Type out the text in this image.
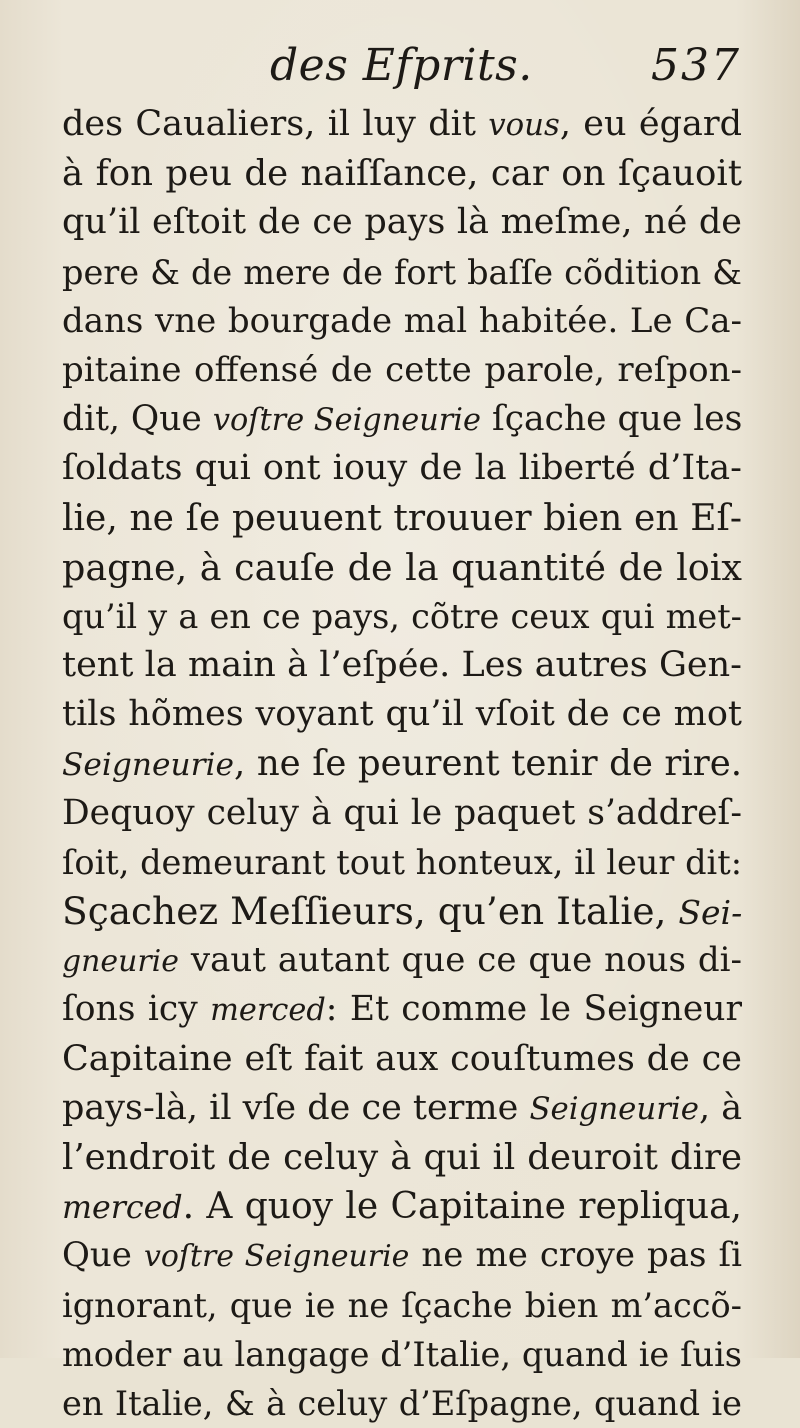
des Efprits.	537
des Caualiers, il luy dit vous, eu égard
à fon peu de naiſſance, car on ſçauoit
qu’il eſtoit de ce pays là meſme, né de
pere & de mere de fort baſſe cõdition &
dans vne bourgade mal habitée. Le Ca-
pitaine offensé de cette parole, reſpon-
dit, Que voſtre Seigneurie ſçache que les
ſoldats qui ont iouy de la liberté d’Ita-
lie, ne ſe peuuent trouuer bien en Eſ-
pagne, à cauſe de la quantité de loix
qu’il y a en ce pays, cõtre ceux qui met-
tent la main à l’eſpée. Les autres Gen-
tils hõmes voyant qu’il vſoit de ce mot
Seigneurie, ne ſe peurent tenir de rire.
Dequoy celuy à qui le paquet s’addreſ-
ſoit, demeurant tout honteux, il leur dit:
Sçachez Meſſieurs, qu’en Italie, Sei-
gneurie vaut autant que ce que nous di-
ſons icy merced: Et comme le Seigneur
Capitaine eſt fait aux couſtumes de ce
pays-là, il vſe de ce terme Seigneurie, à
l’endroit de celuy à qui il deuroit dire
merced. A quoy le Capitaine repliqua,
Que voſtre Seigneurie ne me croye pas ſi
ignorant, que ie ne ſçache bien m’accõ-
moder au langage d’Italie, quand ie ſuis
en Italie, & à celuy d’Eſpagne, quand ie
